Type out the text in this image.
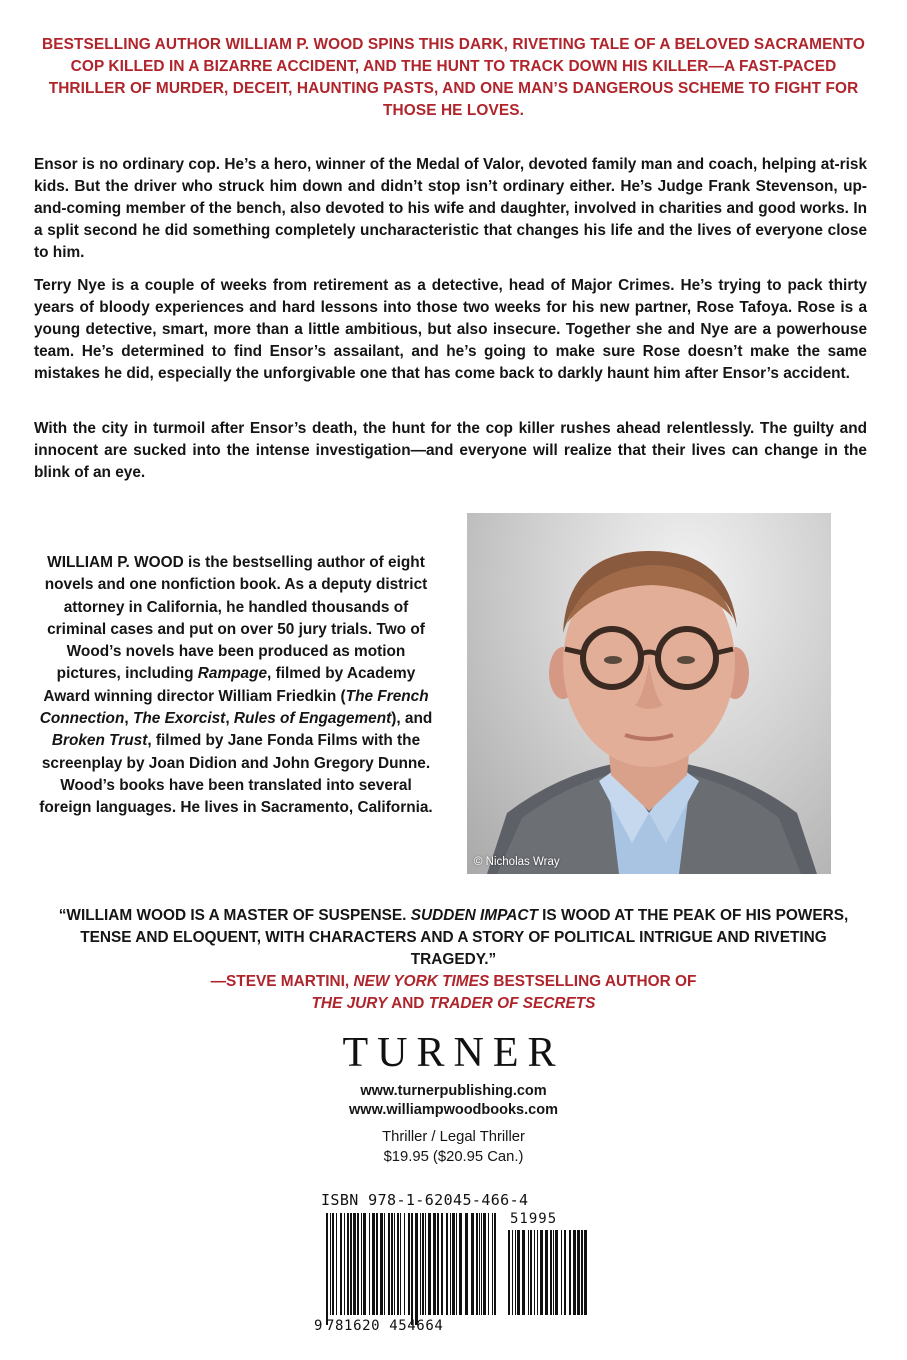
BESTSELLING AUTHOR WILLIAM P. WOOD SPINS THIS DARK, RIVETING TALE OF A BELOVED SACRAMENTO COP KILLED IN A BIZARRE ACCIDENT, AND THE HUNT TO TRACK DOWN HIS KILLER—A FAST-PACED THRILLER OF MURDER, DECEIT, HAUNTING PASTS, AND ONE MAN’S DANGEROUS SCHEME TO FIGHT FOR THOSE HE LOVES.

Ensor is no ordinary cop. He’s a hero, winner of the Medal of Valor, devoted family man and coach, helping at-risk kids. But the driver who struck him down and didn’t stop isn’t ordinary either. He’s Judge Frank Stevenson, up-and-coming member of the bench, also devoted to his wife and daughter, involved in charities and good works. In a split second he did something completely uncharacteristic that changes his life and the lives of everyone close to him.

Terry Nye is a couple of weeks from retirement as a detective, head of Major Crimes. He’s trying to pack thirty years of bloody experiences and hard lessons into those two weeks for his new partner, Rose Tafoya. Rose is a young detective, smart, more than a little ambitious, but also insecure. Together she and Nye are a powerhouse team. He’s determined to find Ensor’s assailant, and he’s going to make sure Rose doesn’t make the same mistakes he did, especially the unforgivable one that has come back to darkly haunt him after Ensor’s accident.

With the city in turmoil after Ensor’s death, the hunt for the cop killer rushes ahead relentlessly. The guilty and innocent are sucked into the intense investigation—and everyone will realize that their lives can change in the blink of an eye.

WILLIAM P. WOOD is the bestselling author of eight novels and one nonfiction book. As a deputy district attorney in California, he handled thousands of criminal cases and put on over 50 jury trials. Two of Wood’s novels have been produced as motion pictures, including Rampage, filmed by Academy Award winning director William Friedkin (The French Connection, The Exorcist, Rules of Engagement), and Broken Trust, filmed by Jane Fonda Films with the screenplay by Joan Didion and John Gregory Dunne. Wood’s books have been translated into several foreign languages. He lives in Sacramento, California.
© Nicholas Wray
“WILLIAM WOOD IS A MASTER OF SUSPENSE. SUDDEN IMPACT IS WOOD AT THE PEAK OF HIS POWERS, TENSE AND ELOQUENT, WITH CHARACTERS AND A STORY OF POLITICAL INTRIGUE AND RIVETING TRAGEDY.”
—STEVE MARTINI, NEW YORK TIMES BESTSELLING AUTHOR OF
THE JURY AND TRADER OF SECRETS
TURNER
www.turnerpublishing.com
www.williampwoodbooks.com
Thriller / Legal Thriller
$19.95 ($20.95 Can.)
ISBN 978-1-62045-466-4
51995
9 781620 454664
